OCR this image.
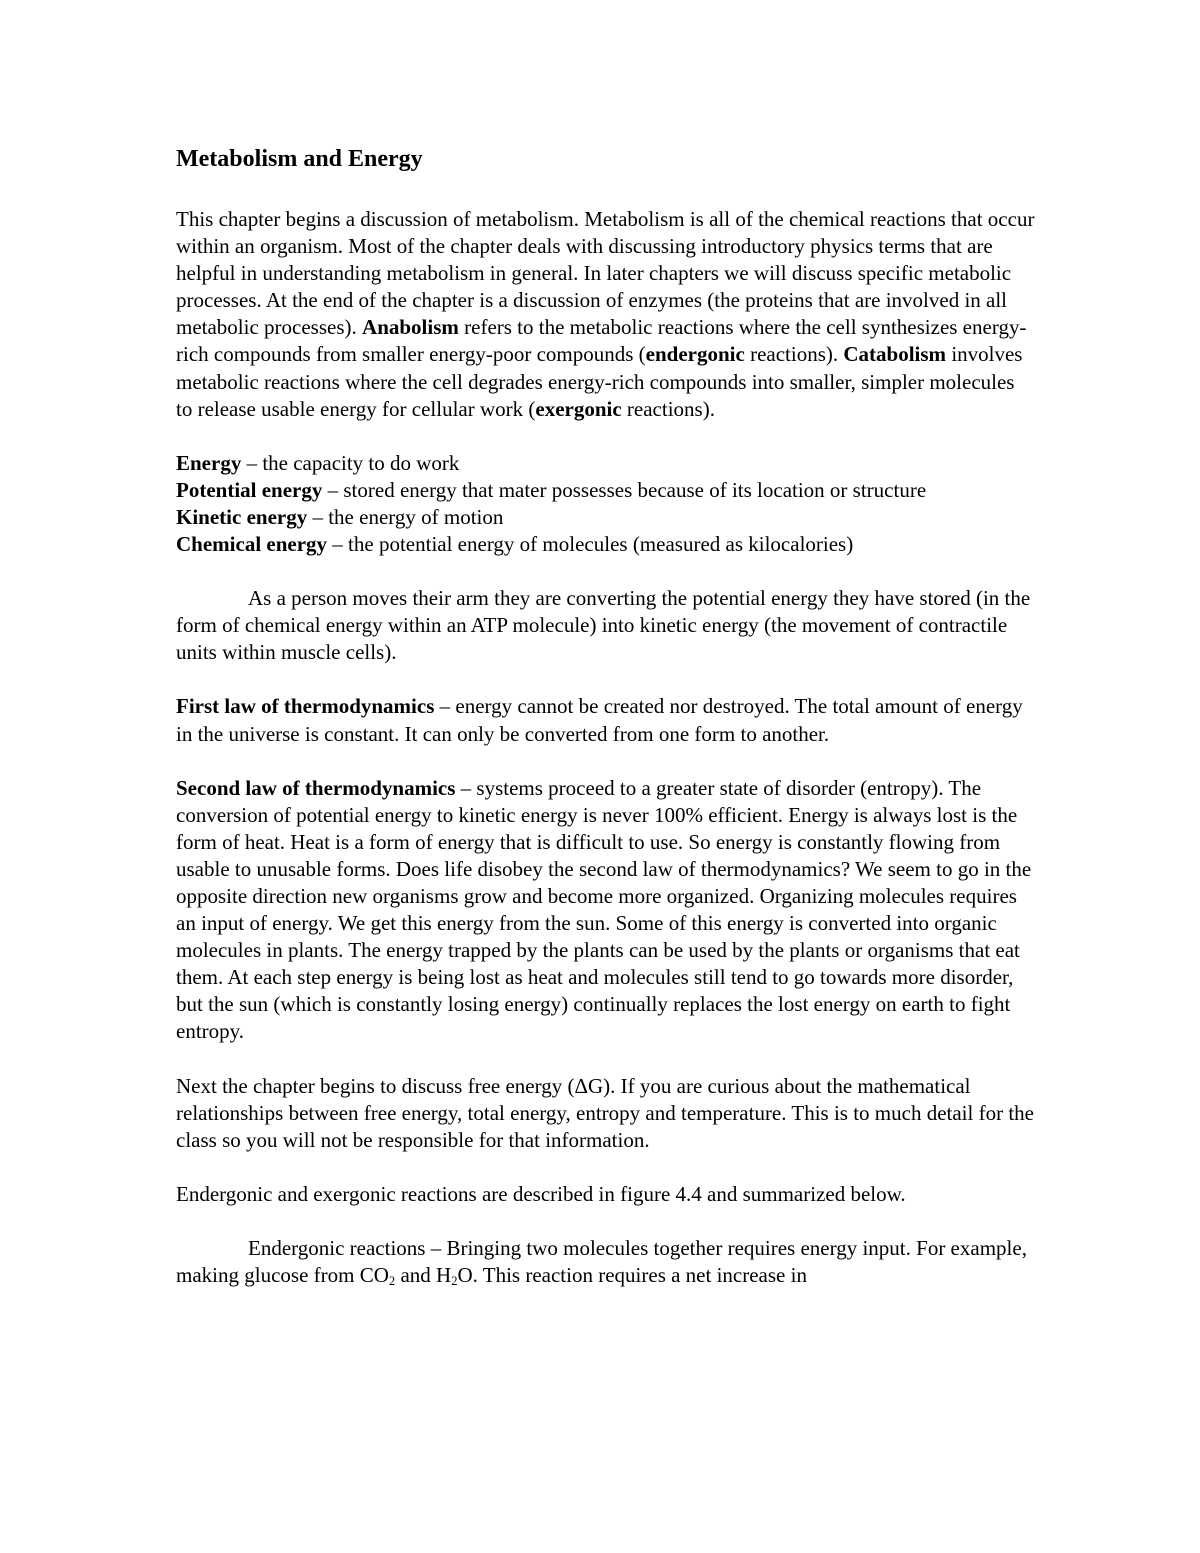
Metabolism and Energy

This chapter begins a discussion of metabolism. Metabolism is all of the chemical reactions that occur within an organism. Most of the chapter deals with discussing introductory physics terms that are helpful in understanding metabolism in general. In later chapters we will discuss specific metabolic processes. At the end of the chapter is a discussion of enzymes (the proteins that are involved in all metabolic processes). Anabolism refers to the metabolic reactions where the cell synthesizes energy-rich compounds from smaller energy-poor compounds (endergonic reactions). Catabolism involves metabolic reactions where the cell degrades energy-rich compounds into smaller, simpler molecules to release usable energy for cellular work (exergonic reactions).

Energy – the capacity to do work

Potential energy – stored energy that mater possesses because of its location or structure

Kinetic energy – the energy of motion

Chemical energy – the potential energy of molecules (measured as kilocalories)

As a person moves their arm they are converting the potential energy they have stored (in the form of chemical energy within an ATP molecule) into kinetic energy (the movement of contractile units within muscle cells).

First law of thermodynamics – energy cannot be created nor destroyed. The total amount of energy in the universe is constant. It can only be converted from one form to another.

Second law of thermodynamics – systems proceed to a greater state of disorder (entropy). The conversion of potential energy to kinetic energy is never 100% efficient. Energy is always lost is the form of heat. Heat is a form of energy that is difficult to use. So energy is constantly flowing from usable to unusable forms. Does life disobey the second law of thermodynamics? We seem to go in the opposite direction new organisms grow and become more organized. Organizing molecules requires an input of energy. We get this energy from the sun. Some of this energy is converted into organic molecules in plants. The energy trapped by the plants can be used by the plants or organisms that eat them. At each step energy is being lost as heat and molecules still tend to go towards more disorder, but the sun (which is constantly losing energy) continually replaces the lost energy on earth to fight entropy.

Next the chapter begins to discuss free energy (ΔG). If you are curious about the mathematical relationships between free energy, total energy, entropy and temperature. This is to much detail for the class so you will not be responsible for that information.

Endergonic and exergonic reactions are described in figure 4.4 and summarized below.

Endergonic reactions – Bringing two molecules together requires energy input. For example, making glucose from $CO_2$ and $H_2O$. This reaction requires a net increase in
